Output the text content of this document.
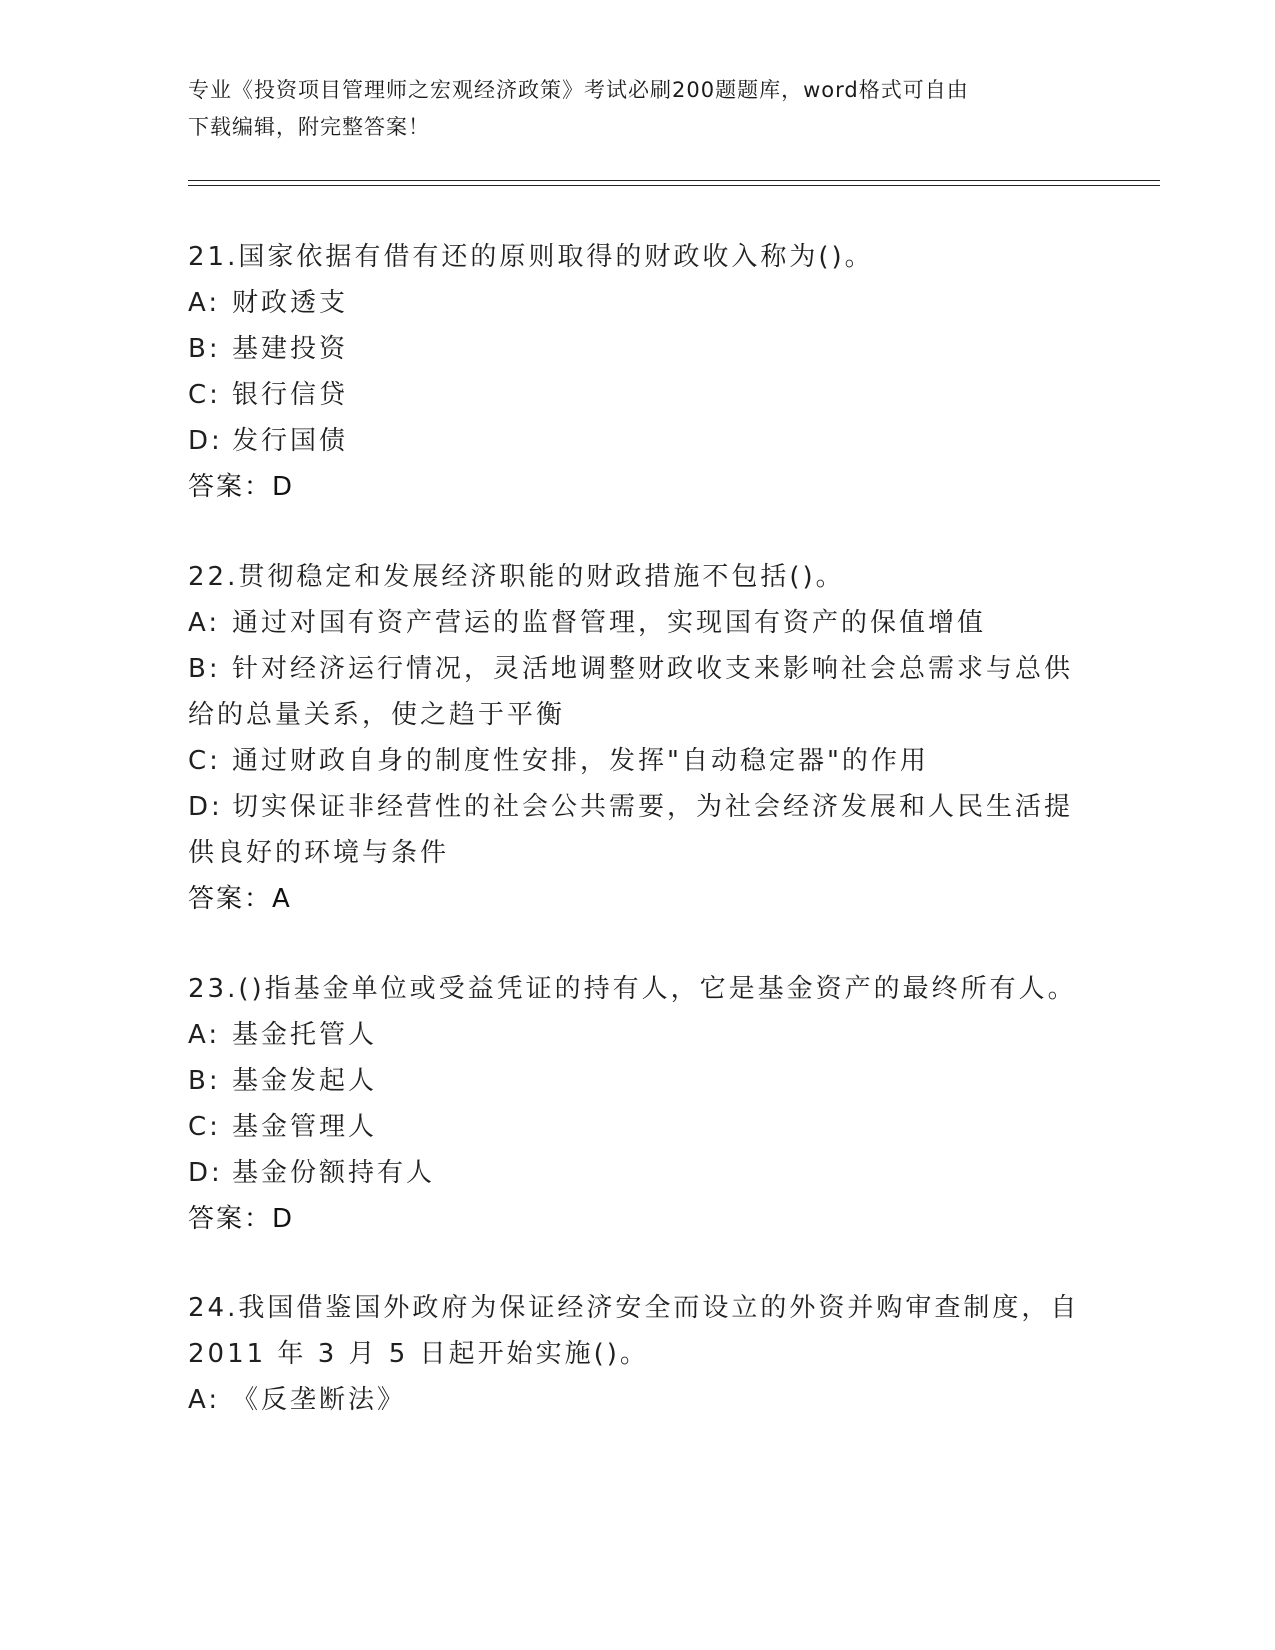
专业《投资项目管理师之宏观经济政策》考试必刷200题题库，word格式可自由
下载编辑，附完整答案！
21.国家依据有借有还的原则取得的财政收入称为()。
A: 财政透支
B: 基建投资
C: 银行信贷
D: 发行国债
答案：D
22.贯彻稳定和发展经济职能的财政措施不包括()。
A: 通过对国有资产营运的监督管理，实现国有资产的保值增值
B: 针对经济运行情况，灵活地调整财政收支来影响社会总需求与总供
给的总量关系，使之趋于平衡
C: 通过财政自身的制度性安排，发挥"自动稳定器"的作用
D: 切实保证非经营性的社会公共需要，为社会经济发展和人民生活提
供良好的环境与条件
答案：A
23.()指基金单位或受益凭证的持有人，它是基金资产的最终所有人。
A: 基金托管人
B: 基金发起人
C: 基金管理人
D: 基金份额持有人
答案：D
24.我国借鉴国外政府为保证经济安全而设立的外资并购审查制度，自
2011 年 3 月 5 日起开始实施()。
A: 《反垄断法》
